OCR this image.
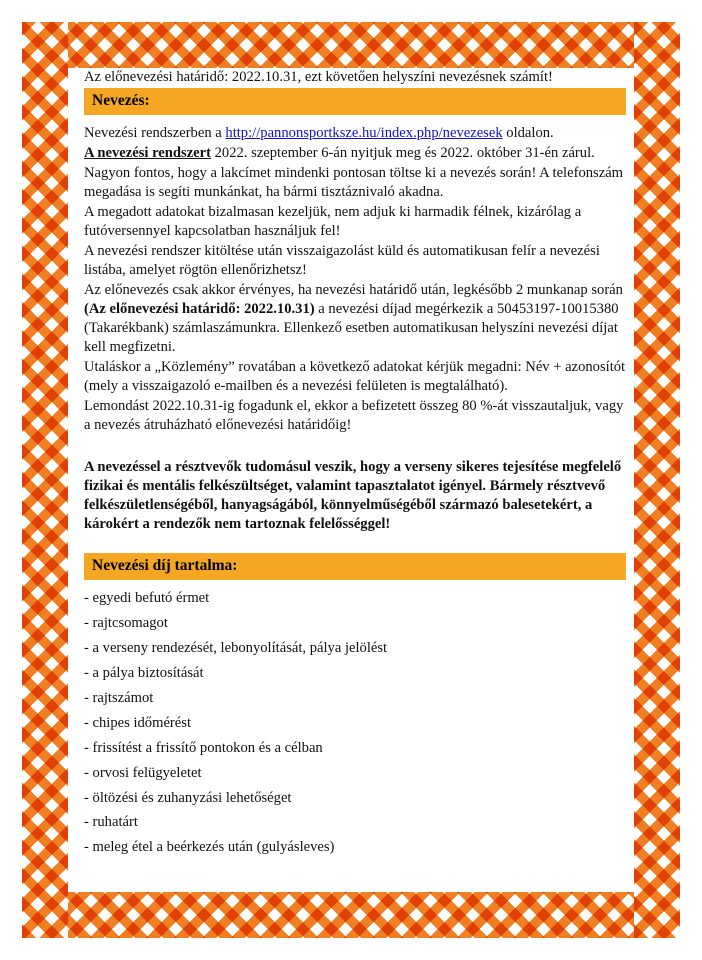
Az előnevezési határidő: 2022.10.31, ezt követően helyszíni nevezésnek számít!

Nevezés:

Nevezési rendszerben a http://pannonsportksze.hu/index.php/nevezesek oldalon.

A nevezési rendszert 2022. szeptember 6-án nyitjuk meg és 2022. október 31-én zárul.

Nagyon fontos, hogy a lakcímet mindenki pontosan töltse ki a nevezés során! A telefonszám megadása is segíti munkánkat, ha bármi tisztáznivaló akadna.

A megadott adatokat bizalmasan kezeljük, nem adjuk ki harmadik félnek, kizárólag a futóversennyel kapcsolatban használjuk fel!

A nevezési rendszer kitöltése után visszaigazolást küld és automatikusan felír a nevezési listába, amelyet rögtön ellenőrizhetsz!

Az előnevezés csak akkor érvényes, ha nevezési határidő után, legkésőbb 2 munkanap során (Az előnevezési határidő: 2022.10.31) a nevezési díjad megérkezik a 50453197-10015380 (Takarékbank) számlaszámunkra. Ellenkező esetben automatikusan helyszíni nevezési díjat kell megfizetni.

Utaláskor a „Közlemény” rovatában a következő adatokat kérjük megadni: Név + azonosítót (mely a visszaigazoló e-mailben és a nevezési felületen is megtalálható).

Lemondást 2022.10.31-ig fogadunk el, ekkor a befizetett összeg 80 %-át visszautaljuk, vagy a nevezés átruházható előnevezési határidőig!

A nevezéssel a résztvevők tudomásul veszik, hogy a verseny sikeres tejesítése megfelelő fizikai és mentális felkészültséget, valamint tapasztalatot igényel. Bármely résztvevő felkészületlenségéből, hanyagságából, könnyelműségéből származó balesetekért, a károkért a rendezők nem tartoznak felelősséggel!

Nevezési díj tartalma:
- egyedi befutó érmet
- rajtcsomagot
- a verseny rendezését, lebonyolítását, pálya jelölést
- a pálya biztosítását
- rajtszámot
- chipes időmérést
- frissítést a frissítő pontokon és a célban
- orvosi felügyeletet
- öltözési és zuhanyzási lehetőséget
- ruhatárt
- meleg étel a beérkezés után (gulyásleves)
